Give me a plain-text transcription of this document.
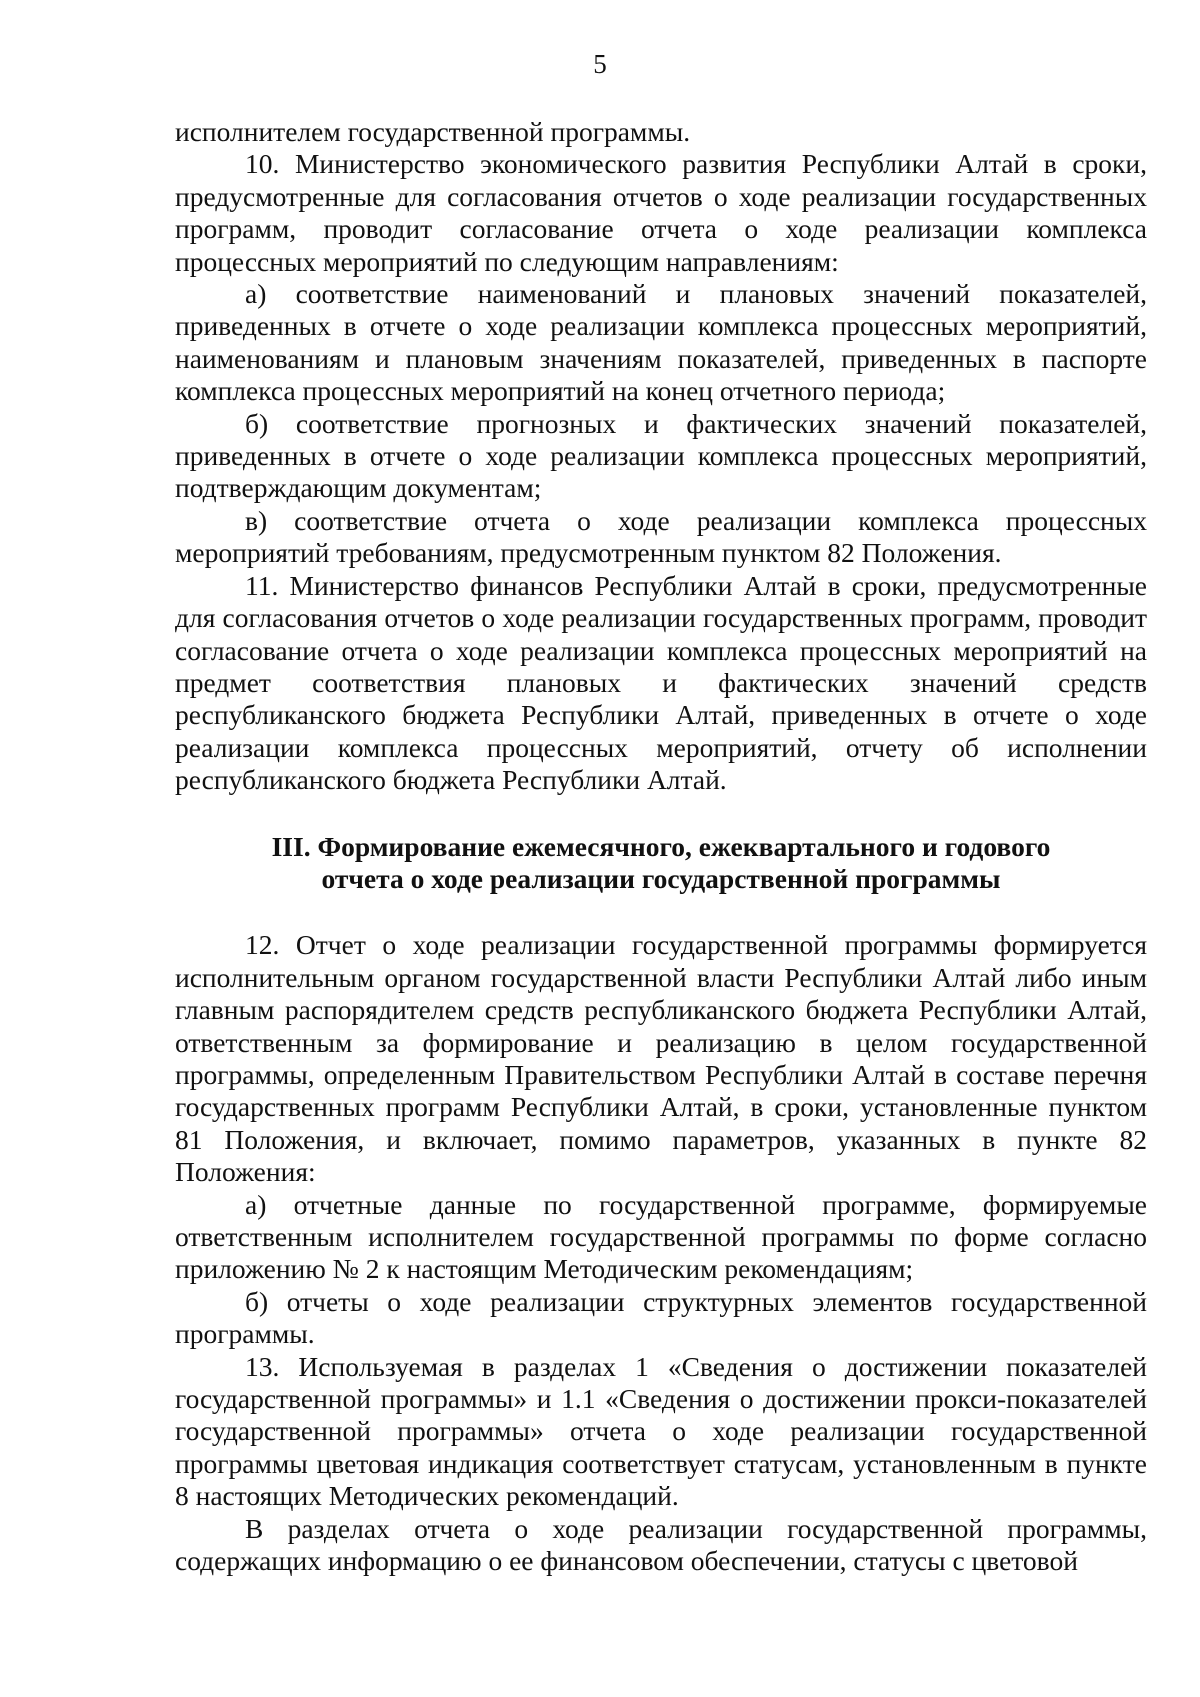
5

исполнителем государственной программы.

10. Министерство экономического развития Республики Алтай в сроки, предусмотренные для согласования отчетов о ходе реализации государственных программ, проводит согласование отчета о ходе реализации комплекса процессных мероприятий по следующим направлениям:

а) соответствие наименований и плановых значений показателей, приведенных в отчете о ходе реализации комплекса процессных мероприятий, наименованиям и плановым значениям показателей, приведенных в паспорте комплекса процессных мероприятий на конец отчетного периода;

б) соответствие прогнозных и фактических значений показателей, приведенных в отчете о ходе реализации комплекса процессных мероприятий, подтверждающим документам;

в) соответствие отчета о ходе реализации комплекса процессных мероприятий требованиям, предусмотренным пунктом 82 Положения.

11. Министерство финансов Республики Алтай в сроки, предусмотренные для согласования отчетов о ходе реализации государственных программ, проводит согласование отчета о ходе реализации комплекса процессных мероприятий на предмет соответствия плановых и фактических значений средств республиканского бюджета Республики Алтай, приведенных в отчете о ходе реализации комплекса процессных мероприятий, отчету об исполнении республиканского бюджета Республики Алтай.

III. Формирование ежемесячного, ежеквартального и годового
отчета о ходе реализации государственной программы

12. Отчет о ходе реализации государственной программы формируется исполнительным органом государственной власти Республики Алтай либо иным главным распорядителем средств республиканского бюджета Республики Алтай, ответственным за формирование и реализацию в целом государственной программы, определенным Правительством Республики Алтай в составе перечня государственных программ Республики Алтай, в сроки, установленные пунктом 81 Положения, и включает, помимо параметров, указанных в пункте 82 Положения:

а) отчетные данные по государственной программе, формируемые ответственным исполнителем государственной программы по форме согласно приложению № 2 к настоящим Методическим рекомендациям;

б) отчеты о ходе реализации структурных элементов государственной программы.

13. Используемая в разделах 1 «Сведения о достижении показателей государственной программы» и 1.1 «Сведения о достижении прокси-показателей государственной программы» отчета о ходе реализации государственной программы цветовая индикация соответствует статусам, установленным в пункте 8 настоящих Методических рекомендаций.

В разделах отчета о ходе реализации государственной программы, содержащих информацию о ее финансовом обеспечении, статусы с цветовой
